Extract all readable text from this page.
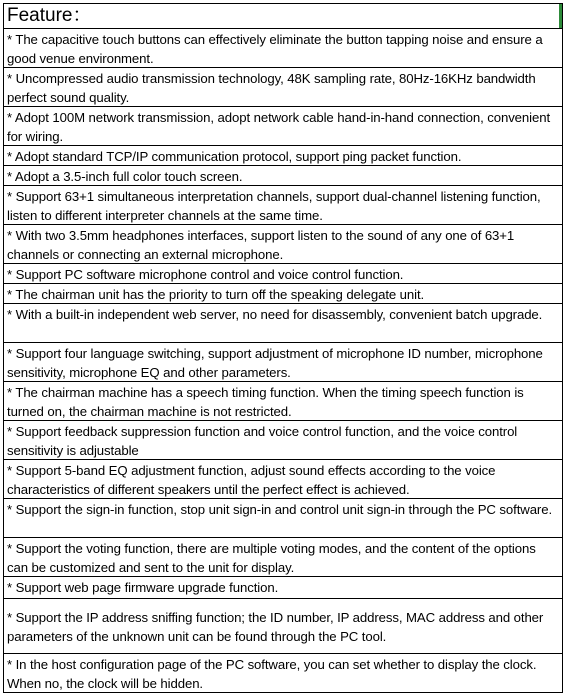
Feature：
* The capacitive touch buttons can effectively eliminate the button tapping noise and ensure a good venue environment.
* Uncompressed audio transmission technology, 48K sampling rate, 80Hz-16KHz bandwidth perfect sound quality.
* Adopt 100M network transmission, adopt network cable hand-in-hand connection, convenient for wiring.
* Adopt standard TCP/IP communication protocol, support ping packet function.
* Adopt a 3.5-inch full color touch screen.
* Support 63+1 simultaneous interpretation channels, support dual-channel listening function, listen to different interpreter channels at the same time.
* With two 3.5mm headphones interfaces, support listen to the sound of any one of 63+1 channels or connecting an external microphone.
* Support PC software microphone control and voice control function.
* The chairman unit has the priority to turn off the speaking delegate unit.
* With a built-in independent web server, no need for disassembly, convenient batch upgrade.
* Support four language switching, support adjustment of microphone ID number, microphone sensitivity, microphone EQ and other parameters.
* The chairman machine has a speech timing function. When the timing speech function is turned on, the chairman machine is not restricted.
* Support feedback suppression function and voice control function, and the voice control sensitivity is adjustable
* Support 5-band EQ adjustment function, adjust sound effects according to the voice characteristics of different speakers until the perfect effect is achieved.
* Support the sign-in function, stop unit sign-in and control unit sign-in through the PC software.
* Support the voting function, there are multiple voting modes, and the content of the options can be customized and sent to the unit for display.
* Support web page firmware upgrade function.
* Support the IP address sniffing function; the ID number, IP address, MAC address and other parameters of the unknown unit can be found through the PC tool.
* In the host configuration page of the PC software, you can set whether to display the clock. When no, the clock will be hidden.
